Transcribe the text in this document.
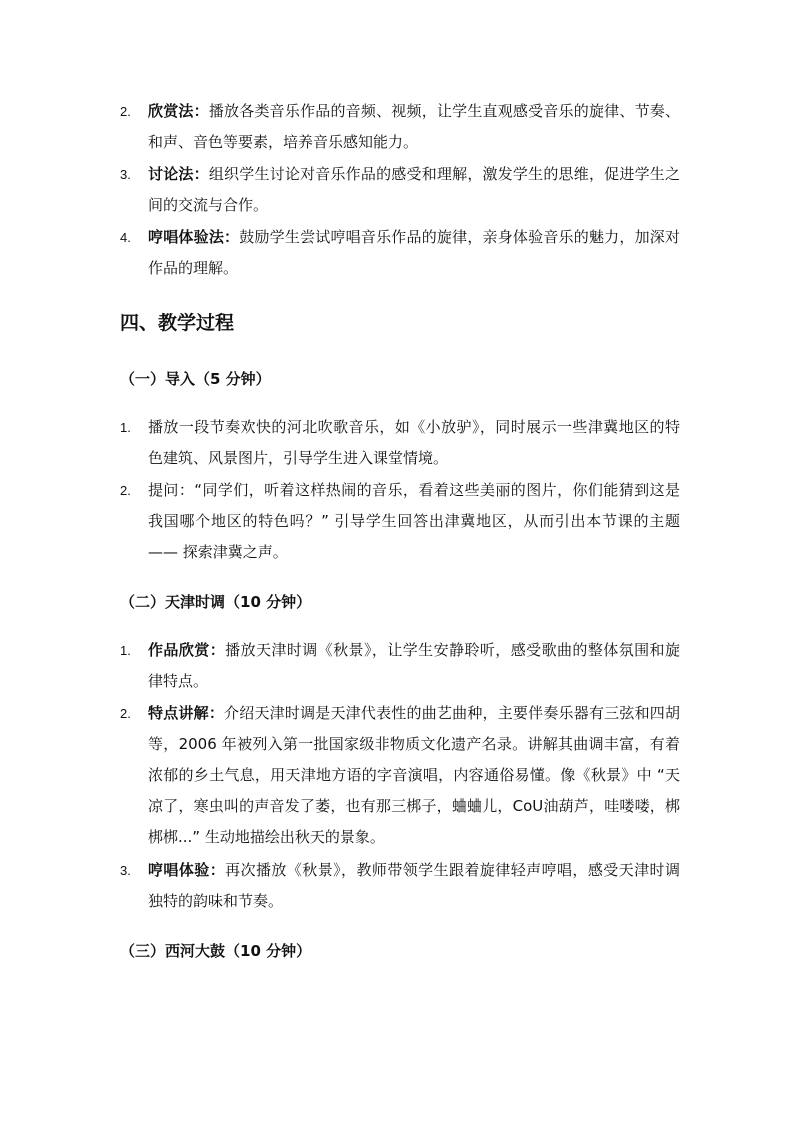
2. 欣赏法：播放各类音乐作品的音频、视频，让学生直观感受音乐的旋律、节奏、和声、音色等要素，培养音乐感知能力。
3. 讨论法：组织学生讨论对音乐作品的感受和理解，激发学生的思维，促进学生之间的交流与合作。
4. 哼唱体验法：鼓励学生尝试哼唱音乐作品的旋律，亲身体验音乐的魅力，加深对作品的理解。
四、教学过程
（一）导入（5 分钟）
1. 播放一段节奏欢快的河北吹歌音乐，如《小放驴》，同时展示一些津冀地区的特色建筑、风景图片，引导学生进入课堂情境。
2. 提问：“同学们，听着这样热闹的音乐，看着这些美丽的图片，你们能猜到这是我国哪个地区的特色吗？” 引导学生回答出津冀地区，从而引出本节课的主题 —— 探索津冀之声。
（二）天津时调（10 分钟）
1. 作品欣赏：播放天津时调《秋景》，让学生安静聆听，感受歌曲的整体氛围和旋律特点。
2. 特点讲解：介绍天津时调是天津代表性的曲艺曲种，主要伴奏乐器有三弦和四胡等，2006 年被列入第一批国家级非物质文化遗产名录。讲解其曲调丰富，有着浓郁的乡土气息，用天津地方语的字音演唱，内容通俗易懂。像《秋景》中 “天凉了，寒虫叫的声音发了萎，也有那三梆子，蛐蛐儿，CoU油葫芦，哇喽喽，梆梆梆...” 生动地描绘出秋天的景象。
3. 哼唱体验：再次播放《秋景》，教师带领学生跟着旋律轻声哼唱，感受天津时调独特的韵味和节奏。
（三）西河大鼓（10 分钟）
